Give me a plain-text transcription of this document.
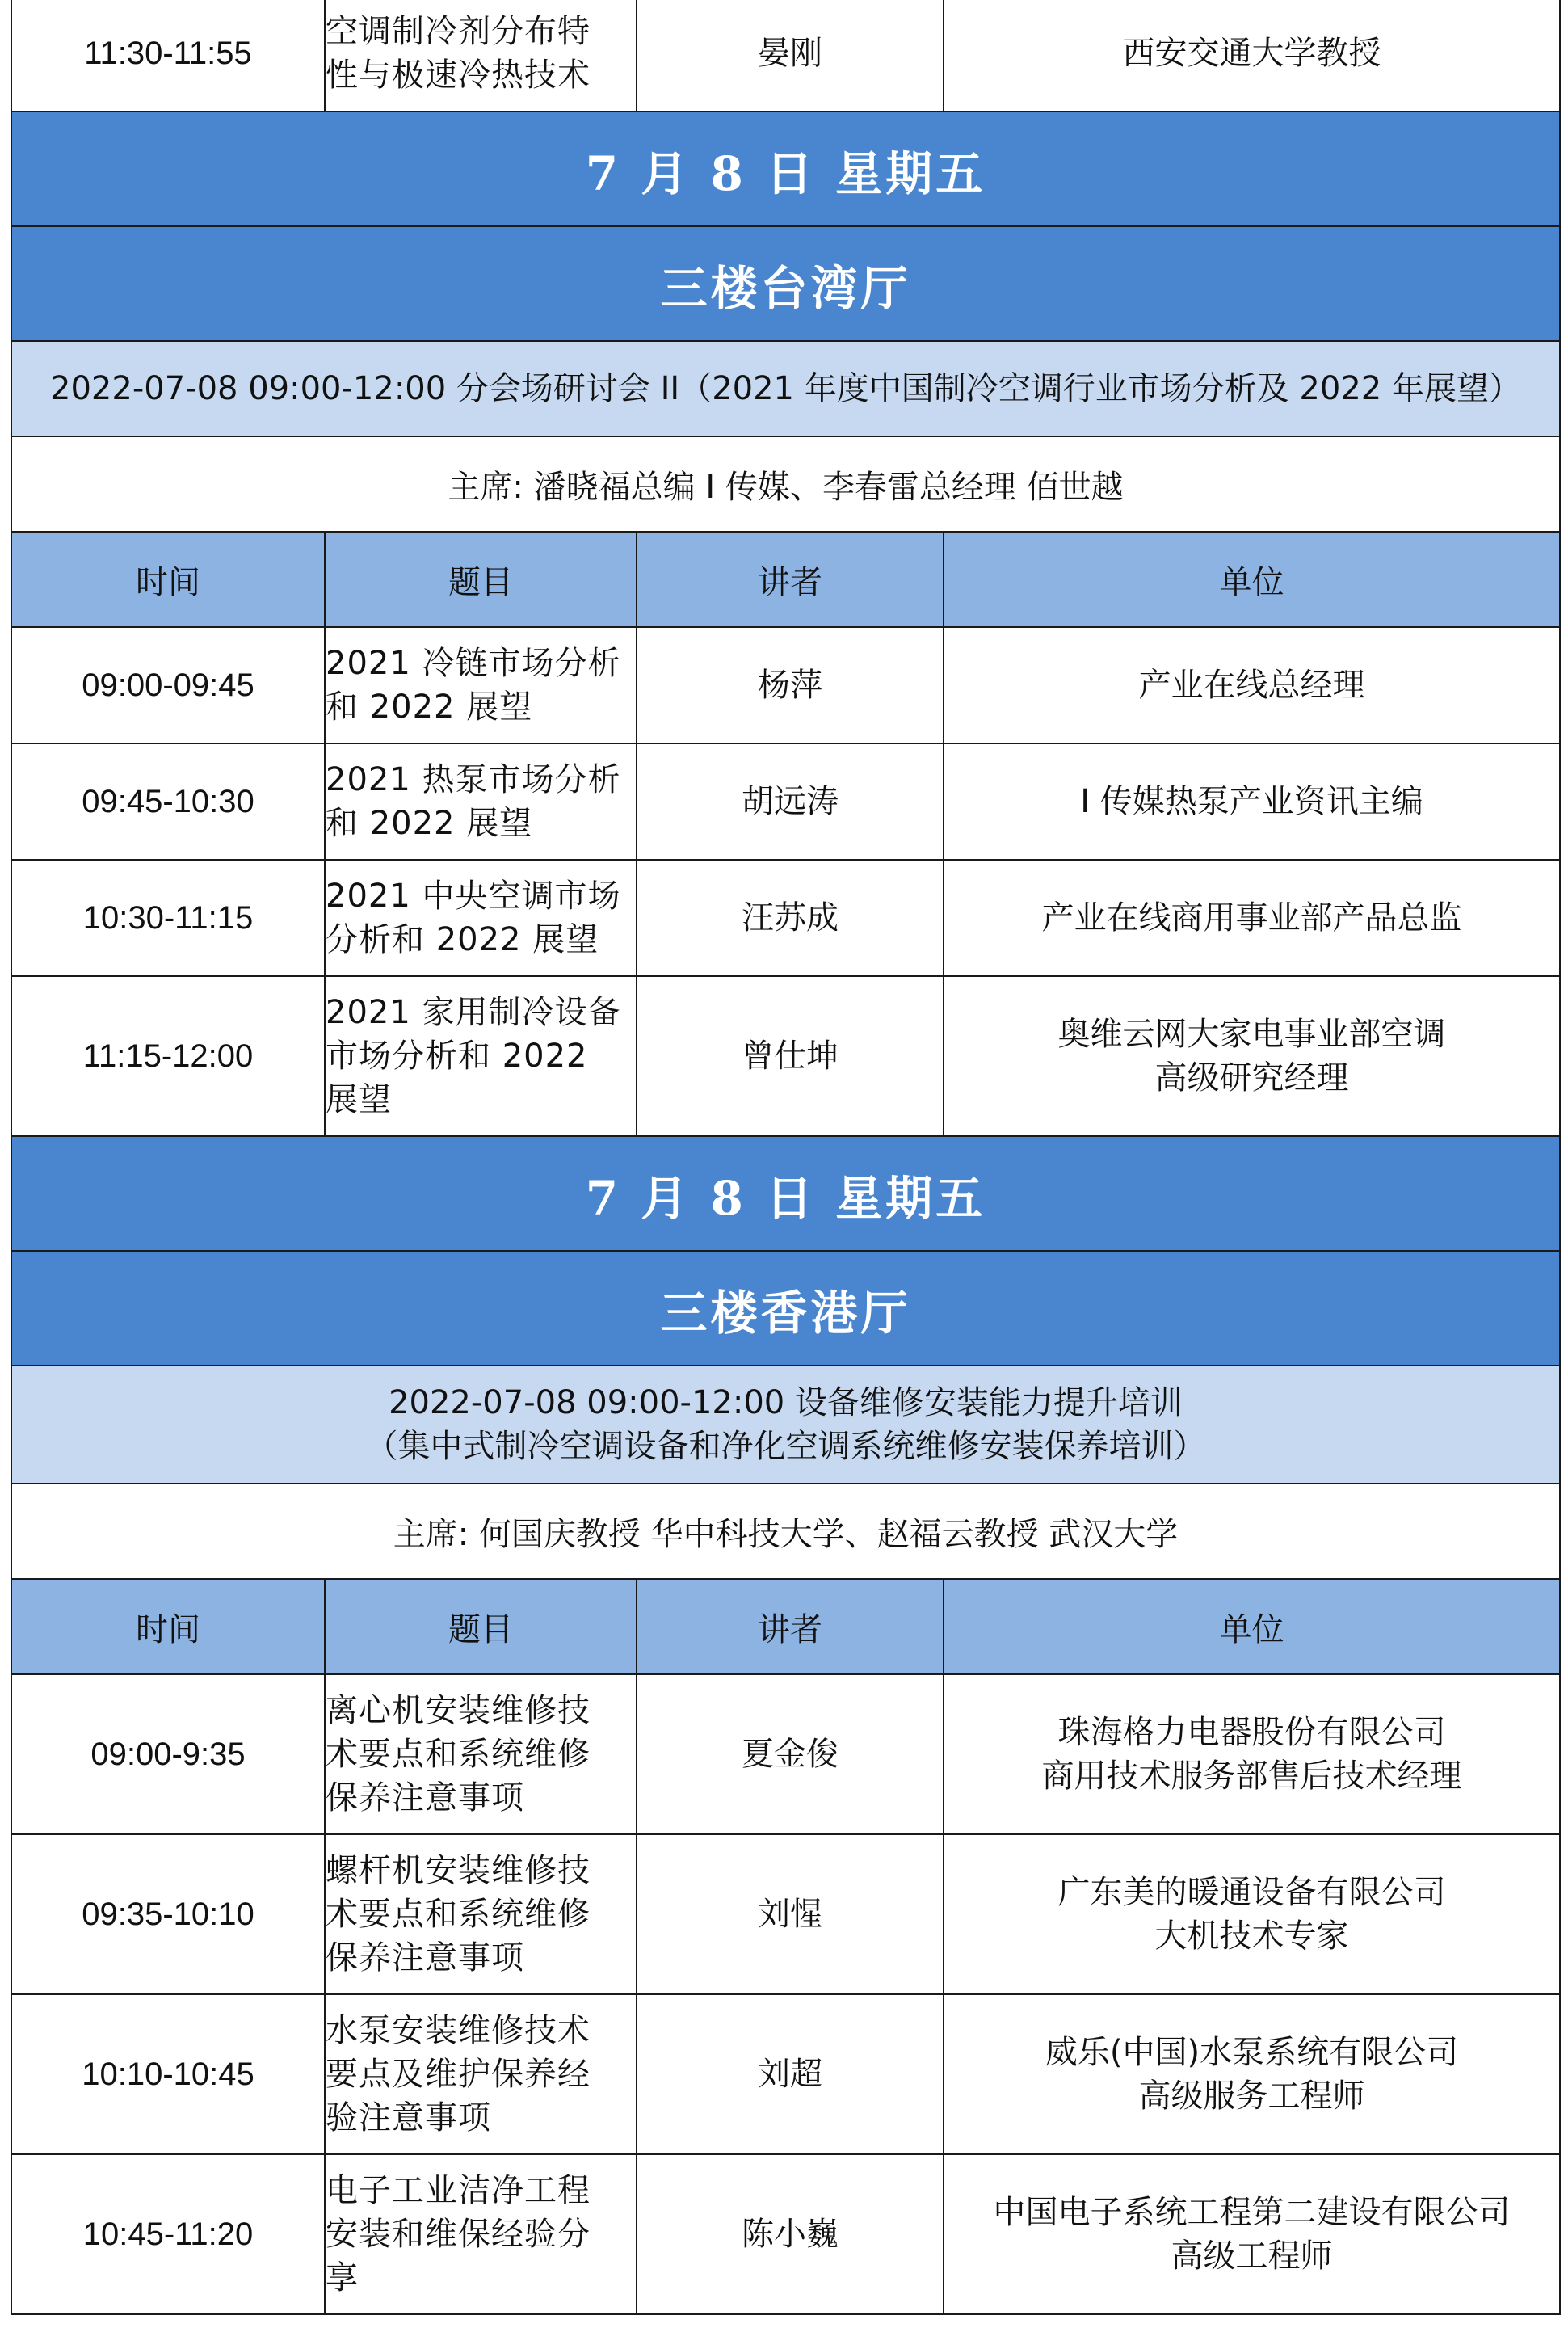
11:30-11:55	空调制冷剂分布特
性与极速冷热技术	晏刚	西安交通大学教授
7 月 8 日 星期五			
三楼台湾厅			
2022-07-08 09:00-12:00 分会场研讨会 II（2021 年度中国制冷空调行业市场分析及 2022 年展望）			
主席: 潘晓福总编 I 传媒、李春雷总经理 佰世越			
时间	题目	讲者	单位
09:00-09:45	2021 冷链市场分析
和 2022 展望	杨萍	产业在线总经理
09:45-10:30	2021 热泵市场分析
和 2022 展望	胡远涛	I 传媒热泵产业资讯主编
10:30-11:15	2021 中央空调市场
分析和 2022 展望	汪苏成	产业在线商用事业部产品总监
11:15-12:00	2021 家用制冷设备
市场分析和 2022
展望	曾仕坤	奥维云网大家电事业部空调
高级研究经理

7 月 8 日 星期五			
三楼香港厅			

2022-07-08 09:00-12:00 设备维修安装能力提升培训
（集中式制冷空调设备和净化空调系统维修安装保养培训）			

主席: 何国庆教授 华中科技大学、赵福云教授 武汉大学			
时间	题目	讲者	单位
09:00-9:35	离心机安装维修技
术要点和系统维修
保养注意事项	夏金俊	珠海格力电器股份有限公司
商用技术服务部售后技术经理

09:35-10:10	螺杆机安装维修技
术要点和系统维修
保养注意事项	刘惺	广东美的暖通设备有限公司
大机技术专家

10:10-10:45	水泵安装维修技术
要点及维护保养经
验注意事项	刘超	威乐(中国)水泵系统有限公司
高级服务工程师

10:45-11:20	电子工业洁净工程
安装和维保经验分
享	陈小巍	中国电子系统工程第二建设有限公司
高级工程师
